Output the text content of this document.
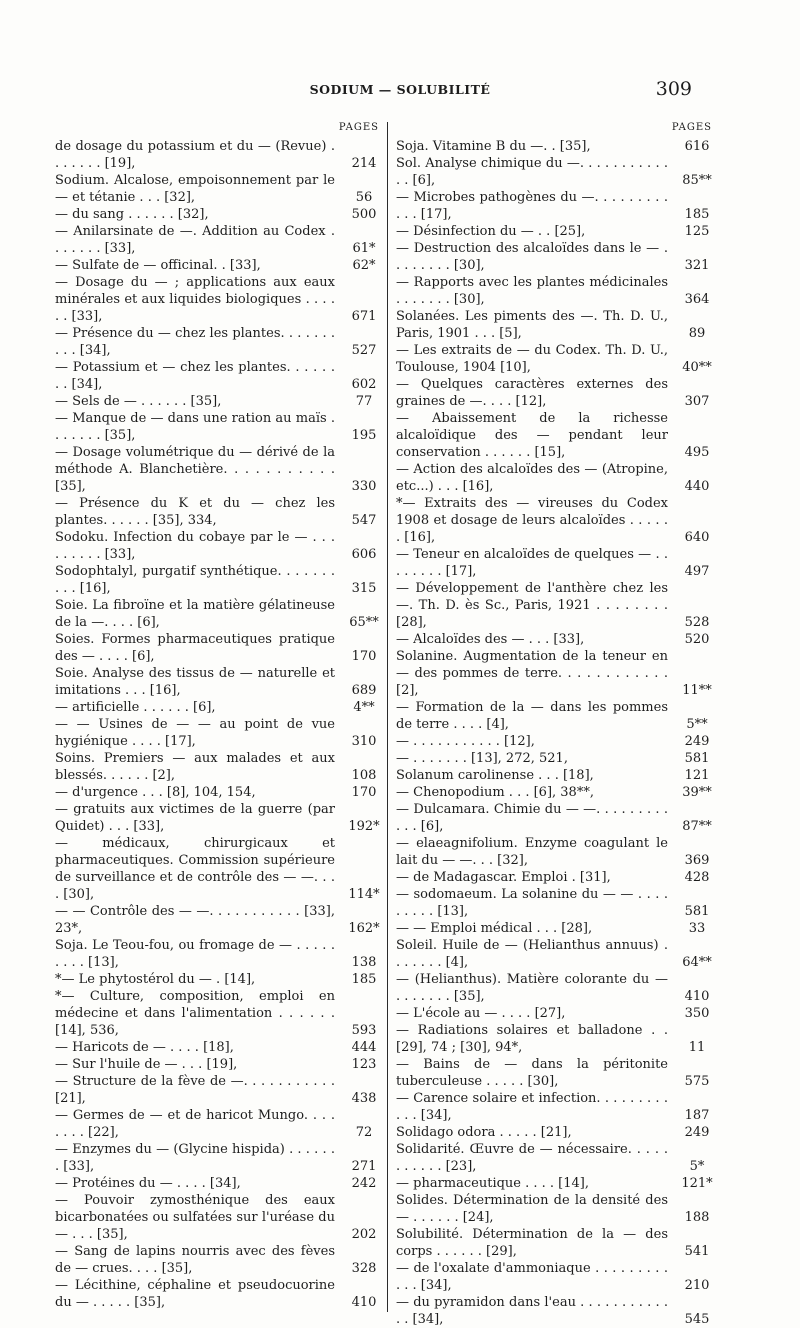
SODIUM — SOLUBILITÉ	309
PAGES
de dosage du potassium et du — (Revue) . . . . . . . [19],	214
Sodium. Alcalose, empoisonnement par le — et tétanie . . . [32],	56
— du sang . . . . . . [32],	500
— Anilarsinate de —. Addition au Codex . . . . . . . [33],	61*
— Sulfate de — officinal. . [33],	62*
— Dosage du — ; applications aux eaux minérales et aux liquides biologiques . . . . . . [33],	671
— Présence du — chez les plantes. . . . . . . . . . [34],	527
— Potassium et — chez les plantes. . . . . . . . [34],	602
— Sels de — . . . . . . [35],	77
— Manque de — dans une ration au maïs . . . . . . . [35],	195
— Dosage volumétrique du — dérivé de la méthode A. Blanchetière. . . . . . . . . . . [35],	330
— Présence du K et du — chez les plantes. . . . . . [35], 334,	547
Sodoku. Infection du cobaye par le — . . . . . . . . . [33],	606
Sodophtalyl, purgatif synthétique. . . . . . . . . . [16],	315
Soie. La fibroïne et la matière gélatineuse de la —. . . . [6],	65**
Soies. Formes pharmaceutiques pratique des — . . . . [6],	170
Soie. Analyse des tissus de — naturelle et imitations . . . [16],	689
— artificielle . . . . . . [6],	4**
— — Usines de — — au point de vue hygiénique . . . . [17],	310
Soins. Premiers — aux malades et aux blessés. . . . . . [2],	108
— d'urgence . . . [8], 104, 154,	170
— gratuits aux victimes de la guerre (par Quidet) . . . [33],	192*
— médicaux, chirurgicaux et pharmaceutiques. Commission supérieure de surveillance et de contrôle des — —. . . . [30],	114*
— — Contrôle des — —. . . . . . . . . . . [33], 23*,	162*
Soja. Le Teou-fou, ou fromage de — . . . . . . . . . [13],	138
*— Le phytostérol du — . [14],	185
*— Culture, composition, emploi en médecine et dans l'alimentation . . . . . . [14], 536,	593
— Haricots de — . . . . [18],	444
— Sur l'huile de — . . . [19],	123
— Structure de la fève de —. . . . . . . . . . . [21],	438
— Germes de — et de haricot Mungo. . . . . . . . [22],	72
— Enzymes du — (Glycine hispida) . . . . . . . [33],	271
— Protéines du — . . . . [34],	242
— Pouvoir zymosthénique des eaux bicarbonatées ou sulfatées sur l'uréase du — . . . [35],	202
— Sang de lapins nourris avec des fèves de — crues. . . . [35],	328
— Lécithine, céphaline et pseudocuorine du — . . . . . [35],	410
PAGES
Soja. Vitamine B du —. . [35],	616
Sol. Analyse chimique du —. . . . . . . . . . . . . [6],	85**
— Microbes pathogènes du —. . . . . . . . . . . . [17],	185
— Désinfection du — . . [25],	125
— Destruction des alcaloïdes dans le — . . . . . . . . [30],	321
— Rapports avec les plantes médicinales . . . . . . . [30],	364
Solanées. Les piments des —. Th. D. U., Paris, 1901 . . . [5],	89
— Les extraits de — du Codex. Th. D. U., Toulouse, 1904 [10],	40**
— Quelques caractères externes des graines de —. . . . [12],	307
— Abaissement de la richesse alcaloïdique des — pendant leur conservation . . . . . . [15],	495
— Action des alcaloïdes des — (Atropine, etc...) . . . [16],	440
*— Extraits des — vireuses du Codex 1908 et dosage de leurs alcaloïdes . . . . . . [16],	640
— Teneur en alcaloïdes de quelques — . . . . . . . . [17],	497
— Développement de l'anthère chez les —. Th. D. ès Sc., Paris, 1921 . . . . . . . . [28],	528
— Alcaloïdes des — . . . [33],	520
Solanine. Augmentation de la teneur en — des pommes de terre. . . . . . . . . . . . [2],	11**
— Formation de la — dans les pommes de terre . . . . [4],	5**
— . . . . . . . . . . . [12],	249
— . . . . . . . [13], 272, 521,	581
Solanum carolinense . . . [18],	121
— Chenopodium . . . [6], 38**,	39**
— Dulcamara. Chimie du — —. . . . . . . . . . . . [6],	87**
— elaeagnifolium. Enzyme coagulant le lait du — —. . . [32],	369
— de Madagascar. Emploi . [31],	428
— sodomaeum. La solanine du — — . . . . . . . . . [13],	581
— — Emploi médical . . . [28],	33
Soleil. Huile de — (Helianthus annuus) . . . . . . . [4],	64**
— (Helianthus). Matière colorante du — . . . . . . . [35],	410
— L'école au — . . . . [27],	350
— Radiations solaires et balladone . . [29], 74 ; [30], 94*,	11
— Bains de — dans la péritonite tuberculeuse . . . . . [30],	575
— Carence solaire et infection. . . . . . . . . . . . [34],	187
Solidago odora . . . . . [21],	249
Solidarité. Œuvre de — nécessaire. . . . . . . . . . . [23],	5*
— pharmaceutique . . . . [14],	121*
Solides. Détermination de la densité des — . . . . . . [24],	188
Solubilité. Détermination de la — des corps . . . . . . [29],	541
— de l'oxalate d'ammoniaque . . . . . . . . . . . . [34],	210
— du pyramidon dans l'eau . . . . . . . . . . . . . [34],	545
